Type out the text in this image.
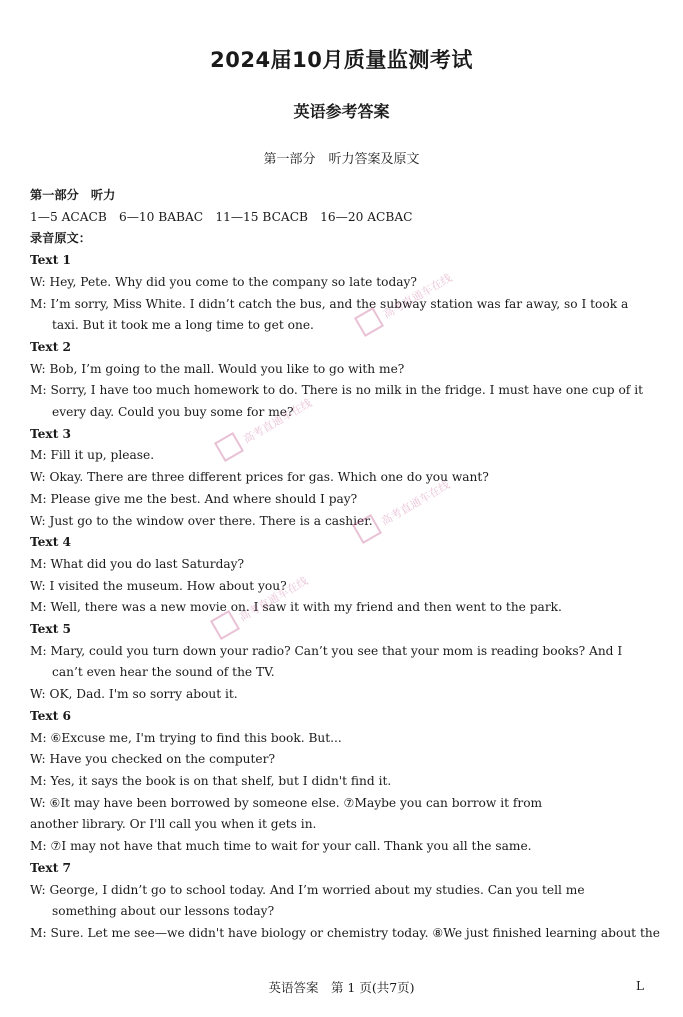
2024届10月质量监测考试
英语参考答案
第一部分　听力答案及原文
第一部分　听力
1—5 ACACB　6—10 BABAC　11—15 BCACB　16—20 ACBAC
录音原文：
Text 1
W: Hey, Pete. Why did you come to the company so late today?
M: I’m sorry, Miss White. I didn’t catch the bus, and the subway station was far away, so I took a taxi. But it took me a long time to get one.
Text 2
W: Bob, I’m going to the mall. Would you like to go with me?
M: Sorry, I have too much homework to do. There is no milk in the fridge. I must have one cup of it every day. Could you buy some for me?
Text 3
M: Fill it up, please.
W: Okay. There are three different prices for gas. Which one do you want?
M: Please give me the best. And where should I pay?
W: Just go to the window over there. There is a cashier.
Text 4
M: What did you do last Saturday?
W: I visited the museum. How about you?
M: Well, there was a new movie on. I saw it with my friend and then went to the park.
Text 5
M: Mary, could you turn down your radio? Can’t you see that your mom is reading books? And I can’t even hear the sound of the TV.
W: OK, Dad. I'm so sorry about it.
Text 6
M: ⑥Excuse me, I'm trying to find this book. But...
W: Have you checked on the computer?
M: Yes, it says the book is on that shelf, but I didn't find it.
W: ⑥It may have been borrowed by someone else. ⑦Maybe you can borrow it from
another library. Or I'll call you when it gets in.
M: ⑦I may not have that much time to wait for your call. Thank you all the same.
Text 7
W: George, I didn’t go to school today. And I’m worried about my studies. Can you tell me something about our lessons today?
M: Sure. Let me see—we didn't have biology or chemistry today. ⑧We just finished learning about the
高考直通车在线
高考直通车在线
高考直通车在线
高考直通车在线
英语答案　第 1 页(共7页)	L
